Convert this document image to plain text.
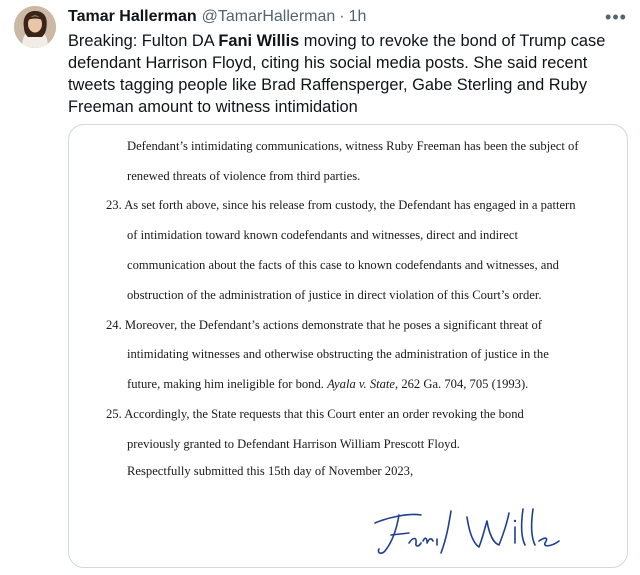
Tamar Hallerman @TamarHallerman · 1h	•••
Breaking: Fulton DA Fani Willis moving to revoke the bond of Trump case defendant Harrison Floyd, citing his social media posts. She said recent tweets tagging people like Brad Raffensperger, Gabe Sterling and Ruby Freeman amount to witness intimidation
Defendant’s intimidating communications, witness Ruby Freeman has been the subject of
renewed threats of violence from third parties.
23. As set forth above, since his release from custody, the Defendant has engaged in a pattern
of intimidation toward known codefendants and witnesses, direct and indirect
communication about the facts of this case to known codefendants and witnesses, and
obstruction of the administration of justice in direct violation of this Court’s order.
24. Moreover, the Defendant’s actions demonstrate that he poses a significant threat of
intimidating witnesses and otherwise obstructing the administration of justice in the
future, making him ineligible for bond. Ayala v. State, 262 Ga. 704, 705 (1993).
25. Accordingly, the State requests that this Court enter an order revoking the bond
previously granted to Defendant Harrison William Prescott Floyd.
Respectfully submitted this 15th day of November 2023,
